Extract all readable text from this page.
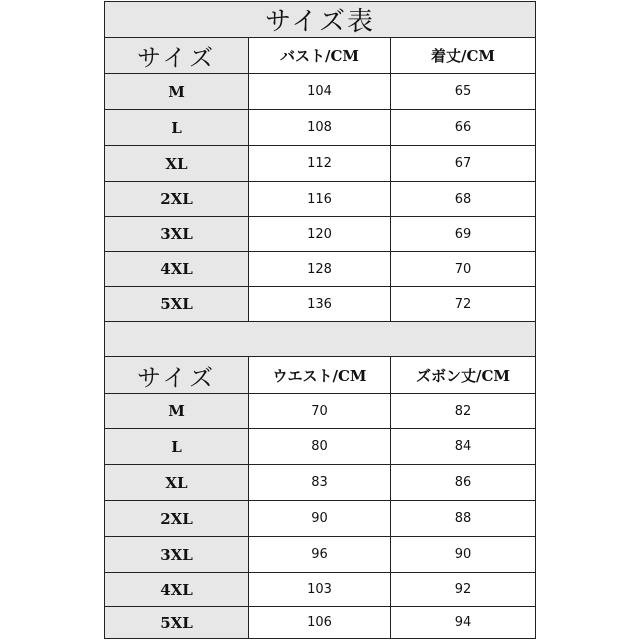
サイズ表
サイズ	バスト/CM	着丈/CM
M	104	65
L	108	66
XL	112	67
2XL	116	68
3XL	120	69
4XL	128	70
5XL	136	72
サイズ	ウエスト/CM	ズボン丈/CM
M	70	82
L	80	84
XL	83	86
2XL	90	88
3XL	96	90
4XL	103	92
5XL	106	94
